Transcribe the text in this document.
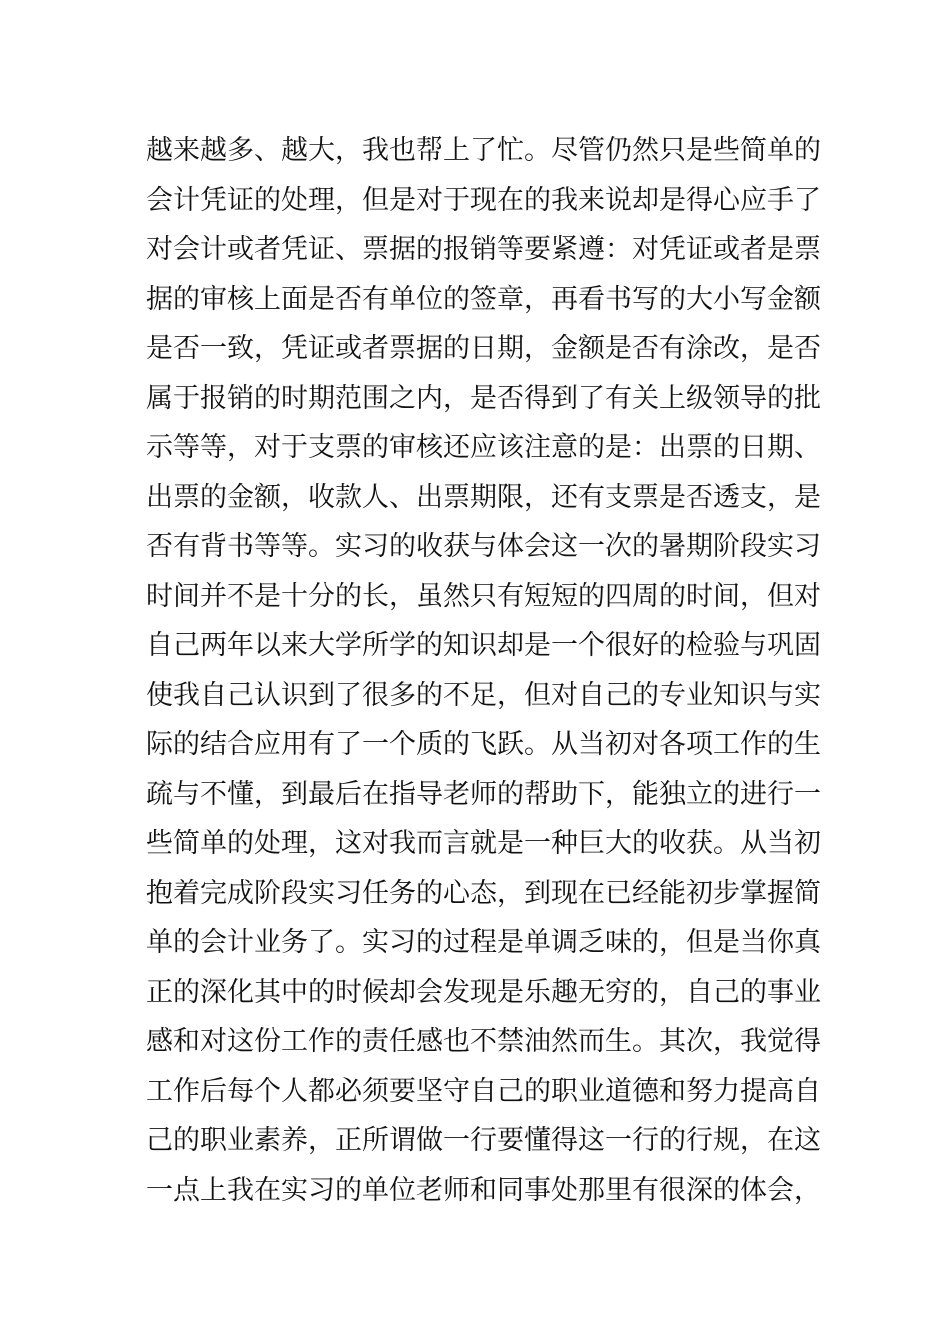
越来越多、越大，我也帮上了忙。尽管仍然只是些简单的
会计凭证的处理，但是对于现在的我来说却是得心应手了
对会计或者凭证、票据的报销等要紧遵：对凭证或者是票
据的审核上面是否有单位的签章，再看书写的大小写金额
是否一致，凭证或者票据的日期，金额是否有涂改，是否
属于报销的时期范围之内，是否得到了有关上级领导的批
示等等，对于支票的审核还应该注意的是：出票的日期、
出票的金额，收款人、出票期限，还有支票是否透支，是
否有背书等等。实习的收获与体会这一次的暑期阶段实习
时间并不是十分的长，虽然只有短短的四周的时间，但对
自己两年以来大学所学的知识却是一个很好的检验与巩固
使我自己认识到了很多的不足，但对自己的专业知识与实
际的结合应用有了一个质的飞跃。从当初对各项工作的生
疏与不懂，到最后在指导老师的帮助下，能独立的进行一
些简单的处理，这对我而言就是一种巨大的收获。从当初
抱着完成阶段实习任务的心态，到现在已经能初步掌握简
单的会计业务了。实习的过程是单调乏味的，但是当你真
正的深化其中的时候却会发现是乐趣无穷的，自己的事业
感和对这份工作的责任感也不禁油然而生。其次，我觉得
工作后每个人都必须要坚守自己的职业道德和努力提高自
己的职业素养，正所谓做一行要懂得这一行的行规，在这
一点上我在实习的单位老师和同事处那里有很深的体会，
